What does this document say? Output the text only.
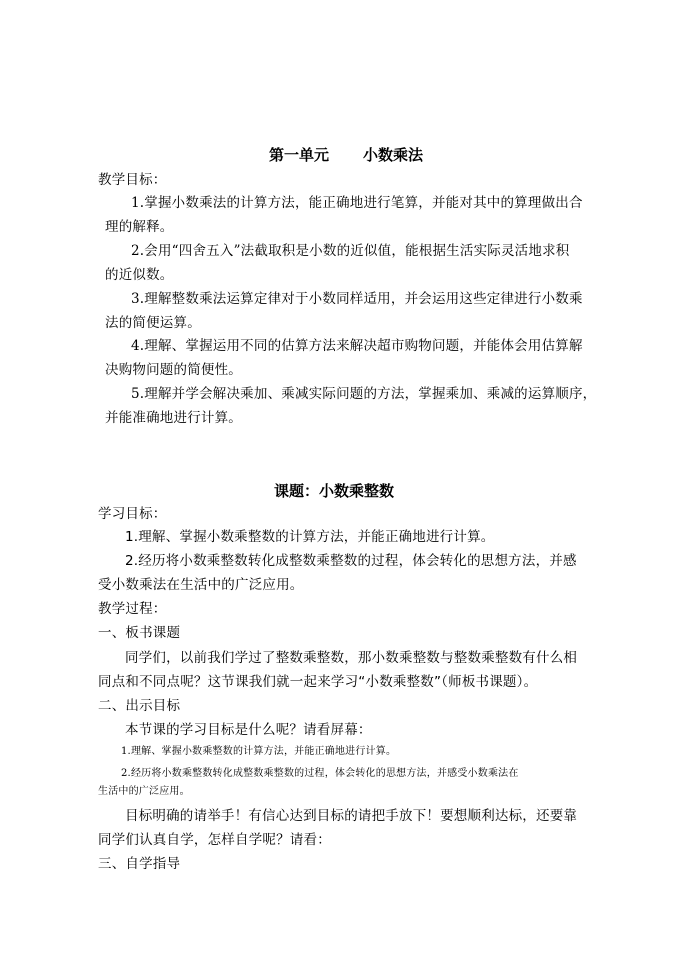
第一单元 小数乘法
教学目标：
1.掌握小数乘法的计算方法，能正确地进行笔算，并能对其中的算理做出合
理的解释。
2.会用“四舍五入”法截取积是小数的近似值，能根据生活实际灵活地求积
的近似数。
3.理解整数乘法运算定律对于小数同样适用，并会运用这些定律进行小数乘
法的简便运算。
4.理解、掌握运用不同的估算方法来解决超市购物问题，并能体会用估算解
决购物问题的简便性。
5.理解并学会解决乘加、乘减实际问题的方法，掌握乘加、乘减的运算顺序，
并能准确地进行计算。
课题：小数乘整数
学习目标：
1.理解、掌握小数乘整数的计算方法，并能正确地进行计算。
2.经历将小数乘整数转化成整数乘整数的过程，体会转化的思想方法，并感
受小数乘法在生活中的广泛应用。
教学过程：
一、板书课题
同学们，以前我们学过了整数乘整数，那小数乘整数与整数乘整数有什么相
同点和不同点呢？这节课我们就一起来学习“小数乘整数”（师板书课题）。
二、出示目标
本节课的学习目标是什么呢？请看屏幕：
1.理解、掌握小数乘整数的计算方法，并能正确地进行计算。
2.经历将小数乘整数转化成整数乘整数的过程，体会转化的思想方法，并感受小数乘法在
生活中的广泛应用。
目标明确的请举手！有信心达到目标的请把手放下！要想顺利达标，还要靠
同学们认真自学，怎样自学呢？请看：
三、自学指导
